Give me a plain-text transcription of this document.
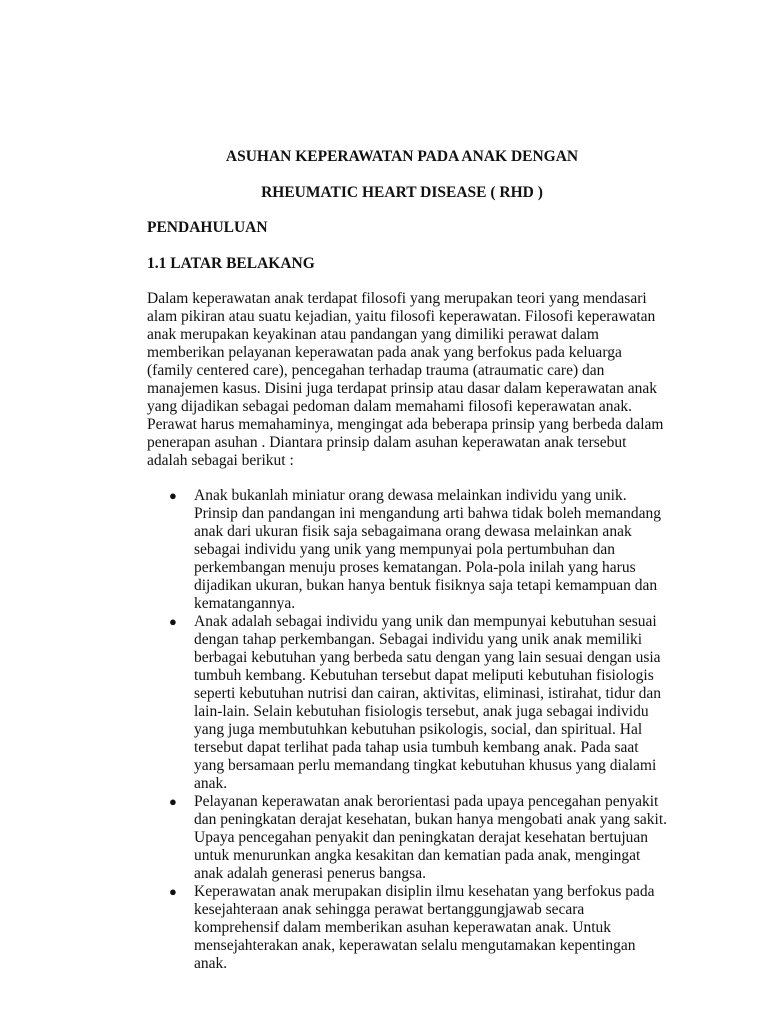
ASUHAN KEPERAWATAN PADA ANAK DENGAN

RHEUMATIC HEART DISEASE ( RHD )

PENDAHULUAN

1.1 LATAR BELAKANG

Dalam keperawatan anak terdapat filosofi yang merupakan teori yang mendasari alam pikiran atau suatu kejadian, yaitu filosofi keperawatan. Filosofi keperawatan anak merupakan keyakinan atau pandangan yang dimiliki perawat dalam memberikan pelayanan keperawatan pada anak yang berfokus pada keluarga (family centered care), pencegahan terhadap trauma (atraumatic care) dan manajemen kasus. Disini juga terdapat prinsip atau dasar dalam keperawatan anak yang dijadikan sebagai pedoman dalam memahami filosofi keperawatan anak. Perawat harus memahaminya, mengingat ada beberapa prinsip yang berbeda dalam penerapan asuhan . Diantara prinsip dalam asuhan keperawatan anak tersebut adalah sebagai berikut :

● Anak bukanlah miniatur orang dewasa melainkan individu yang unik. Prinsip dan pandangan ini mengandung arti bahwa tidak boleh memandang anak dari ukuran fisik saja sebagaimana orang dewasa melainkan anak sebagai individu yang unik yang mempunyai pola pertumbuhan dan perkembangan menuju proses kematangan. Pola-pola inilah yang harus dijadikan ukuran, bukan hanya bentuk fisiknya saja tetapi kemampuan dan kematangannya.
● Anak adalah sebagai individu yang unik dan mempunyai kebutuhan sesuai dengan tahap perkembangan. Sebagai individu yang unik anak memiliki berbagai kebutuhan yang berbeda satu dengan yang lain sesuai dengan usia tumbuh kembang. Kebutuhan tersebut dapat meliputi kebutuhan fisiologis seperti kebutuhan nutrisi dan cairan, aktivitas, eliminasi, istirahat, tidur dan lain-lain. Selain kebutuhan fisiologis tersebut, anak juga sebagai individu yang juga membutuhkan kebutuhan psikologis, social, dan spiritual. Hal tersebut dapat terlihat pada tahap usia tumbuh kembang anak. Pada saat yang bersamaan perlu memandang tingkat kebutuhan khusus yang dialami anak.
● Pelayanan keperawatan anak berorientasi pada upaya pencegahan penyakit dan peningkatan derajat kesehatan, bukan hanya mengobati anak yang sakit. Upaya pencegahan penyakit dan peningkatan derajat kesehatan bertujuan untuk menurunkan angka kesakitan dan kematian pada anak, mengingat anak adalah generasi penerus bangsa.
● Keperawatan anak merupakan disiplin ilmu kesehatan yang berfokus pada kesejahteraan anak sehingga perawat bertanggungjawab secara komprehensif dalam memberikan asuhan keperawatan anak. Untuk mensejahterakan anak, keperawatan selalu mengutamakan kepentingan anak.
